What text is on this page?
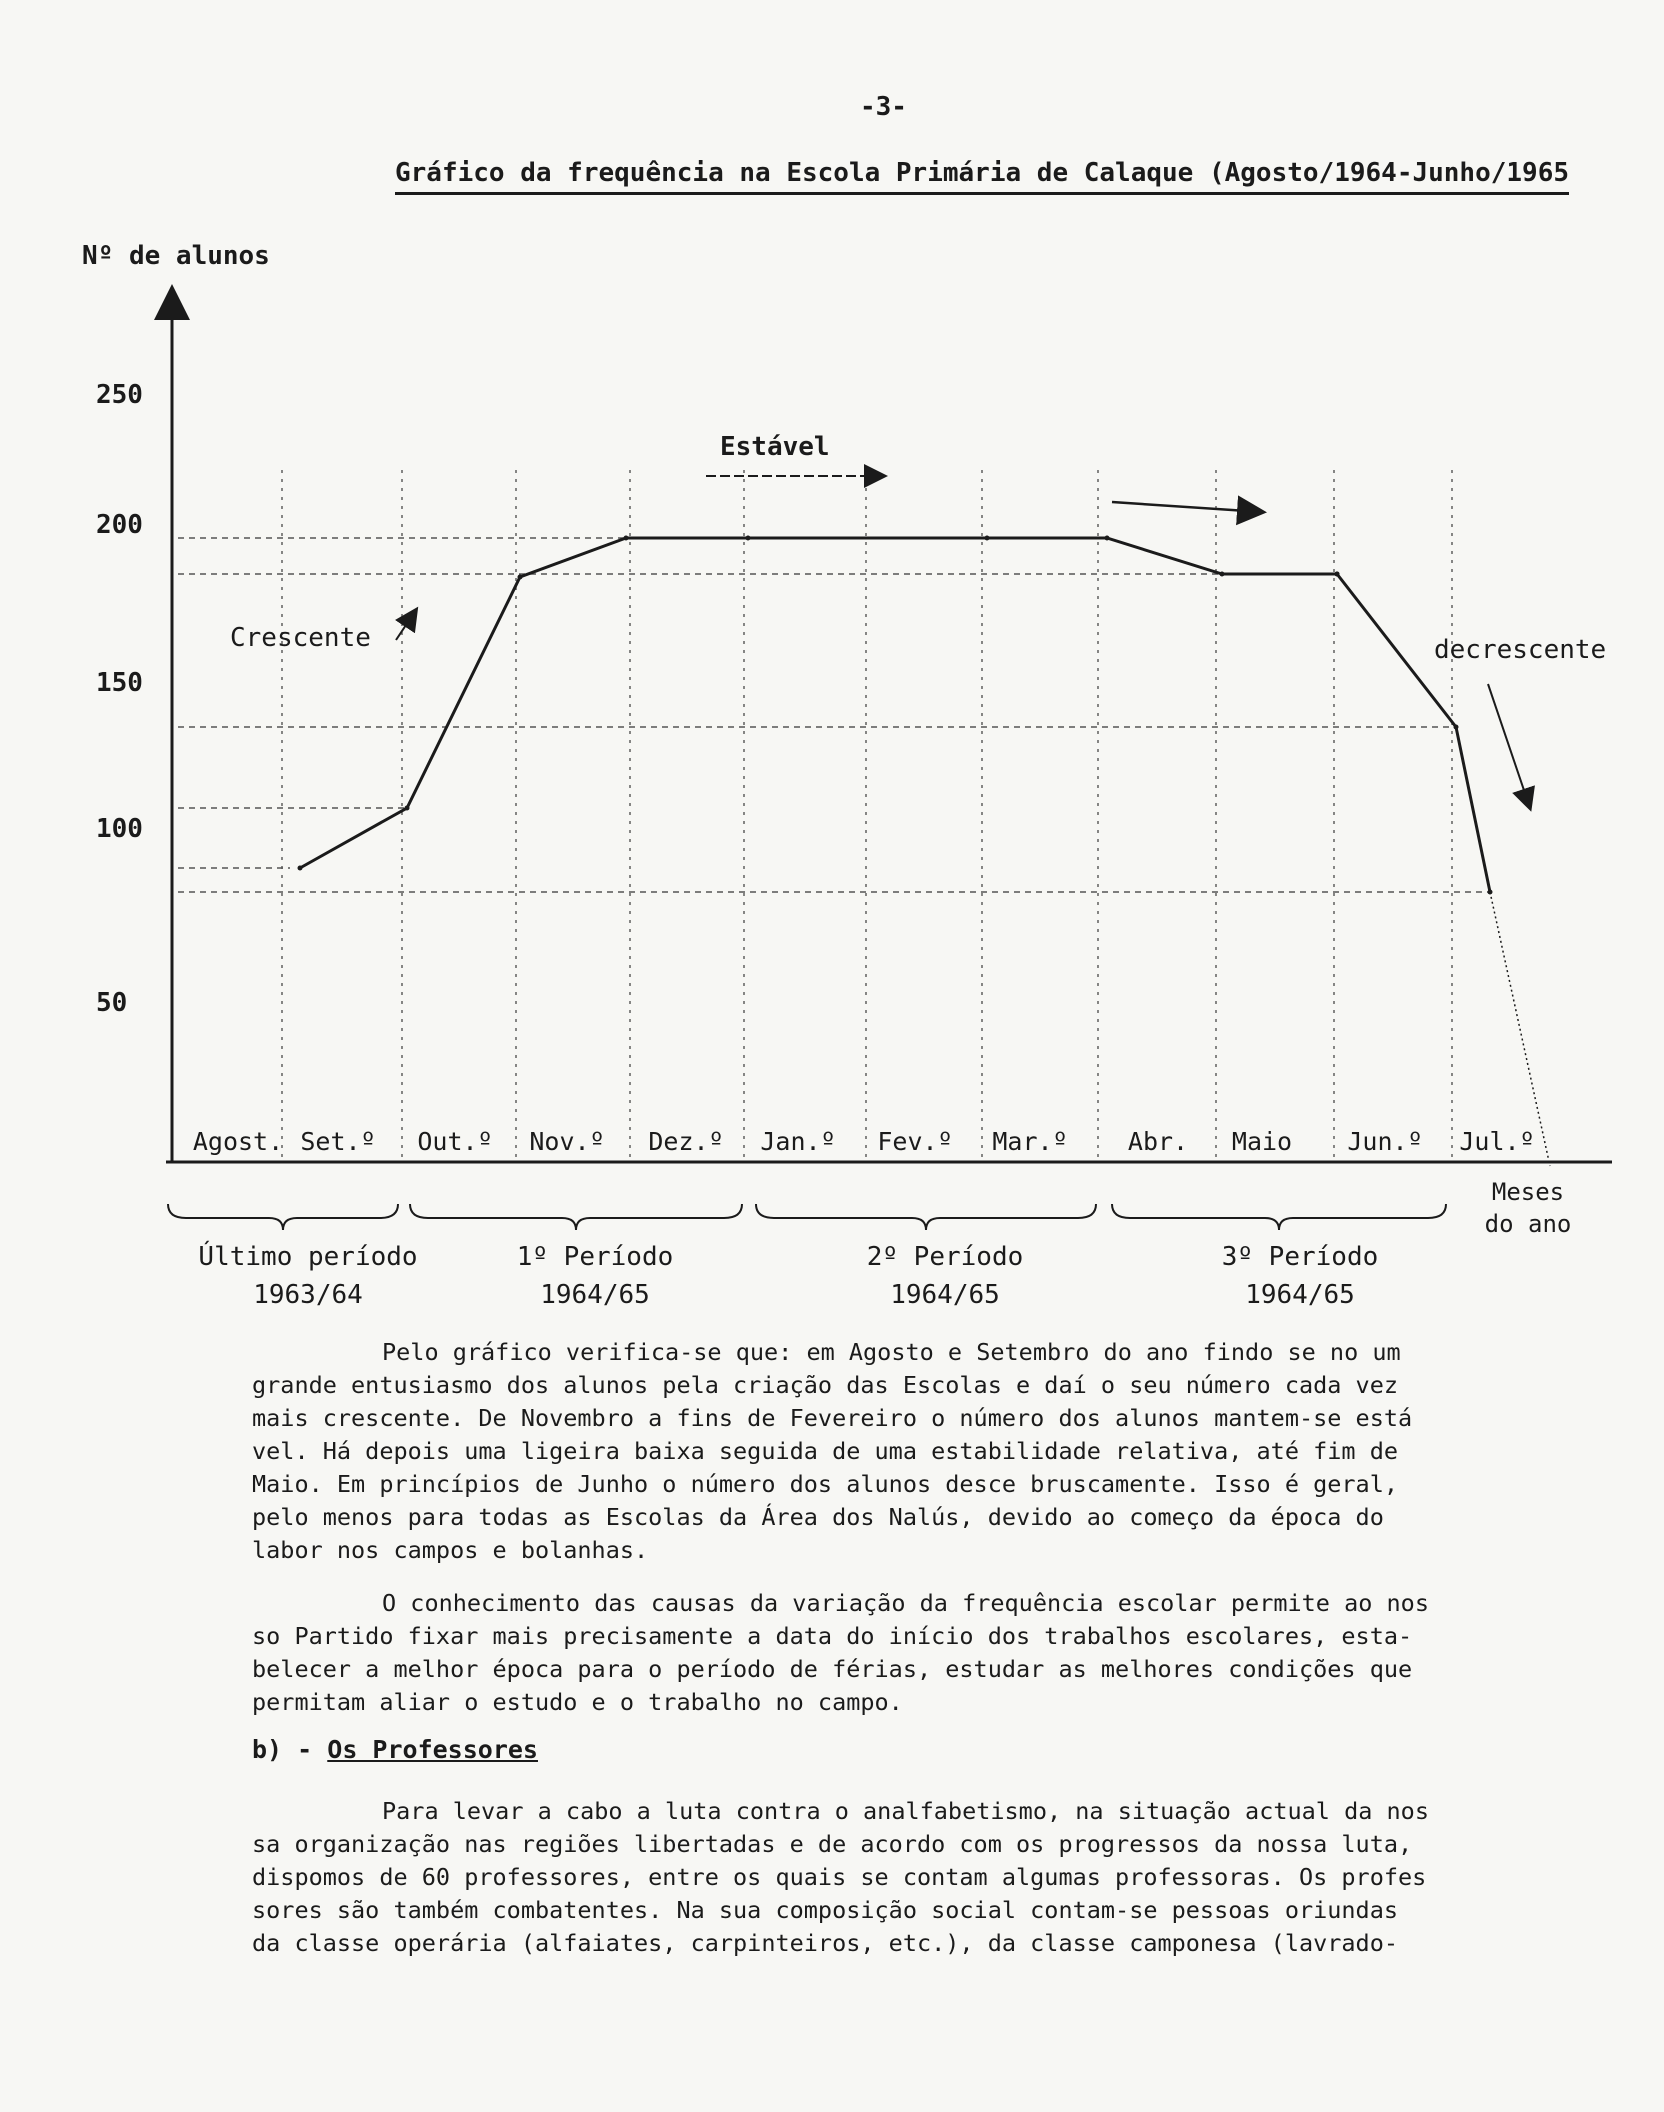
-3-
Gráfico da frequência na Escola Primária de Calaque (Agosto/1964-Junho/1965
Nº de alunos
250
200
150
100
50
Agost. Set.º Out.º Nov.º Dez.º Jan.º Fev.º Mar.º Abr. Maio Jun.º Jul.º
Meses
do ano
Crescente
Estável
decrescente
Último período
1963/64
1º Período
1964/65
2º Período
1964/65
3º Período
1964/65

Pelo gráfico verifica-se que: em Agosto e Setembro do ano findo se no um

grande entusiasmo dos alunos pela criação das Escolas e daí o seu número cada vez

mais crescente. De Novembro a fins de Fevereiro o número dos alunos mantem-se está

vel. Há depois uma ligeira baixa seguida de uma estabilidade relativa, até fim de

Maio. Em princípios de Junho o número dos alunos desce bruscamente. Isso é geral,

pelo menos para todas as Escolas da Área dos Nalús, devido ao começo da época do

labor nos campos e bolanhas.

O conhecimento das causas da variação da frequência escolar permite ao nos

so Partido fixar mais precisamente a data do início dos trabalhos escolares, esta-

belecer a melhor época para o período de férias, estudar as melhores condições que

permitam aliar o estudo e o trabalho no campo.

b) - Os Professores

Para levar a cabo a luta contra o analfabetismo, na situação actual da nos

sa organização nas regiões libertadas e de acordo com os progressos da nossa luta,

dispomos de 60 professores, entre os quais se contam algumas professoras. Os profes

sores são também combatentes. Na sua composição social contam-se pessoas oriundas

da classe operária (alfaiates, carpinteiros, etc.), da classe camponesa (lavrado-
